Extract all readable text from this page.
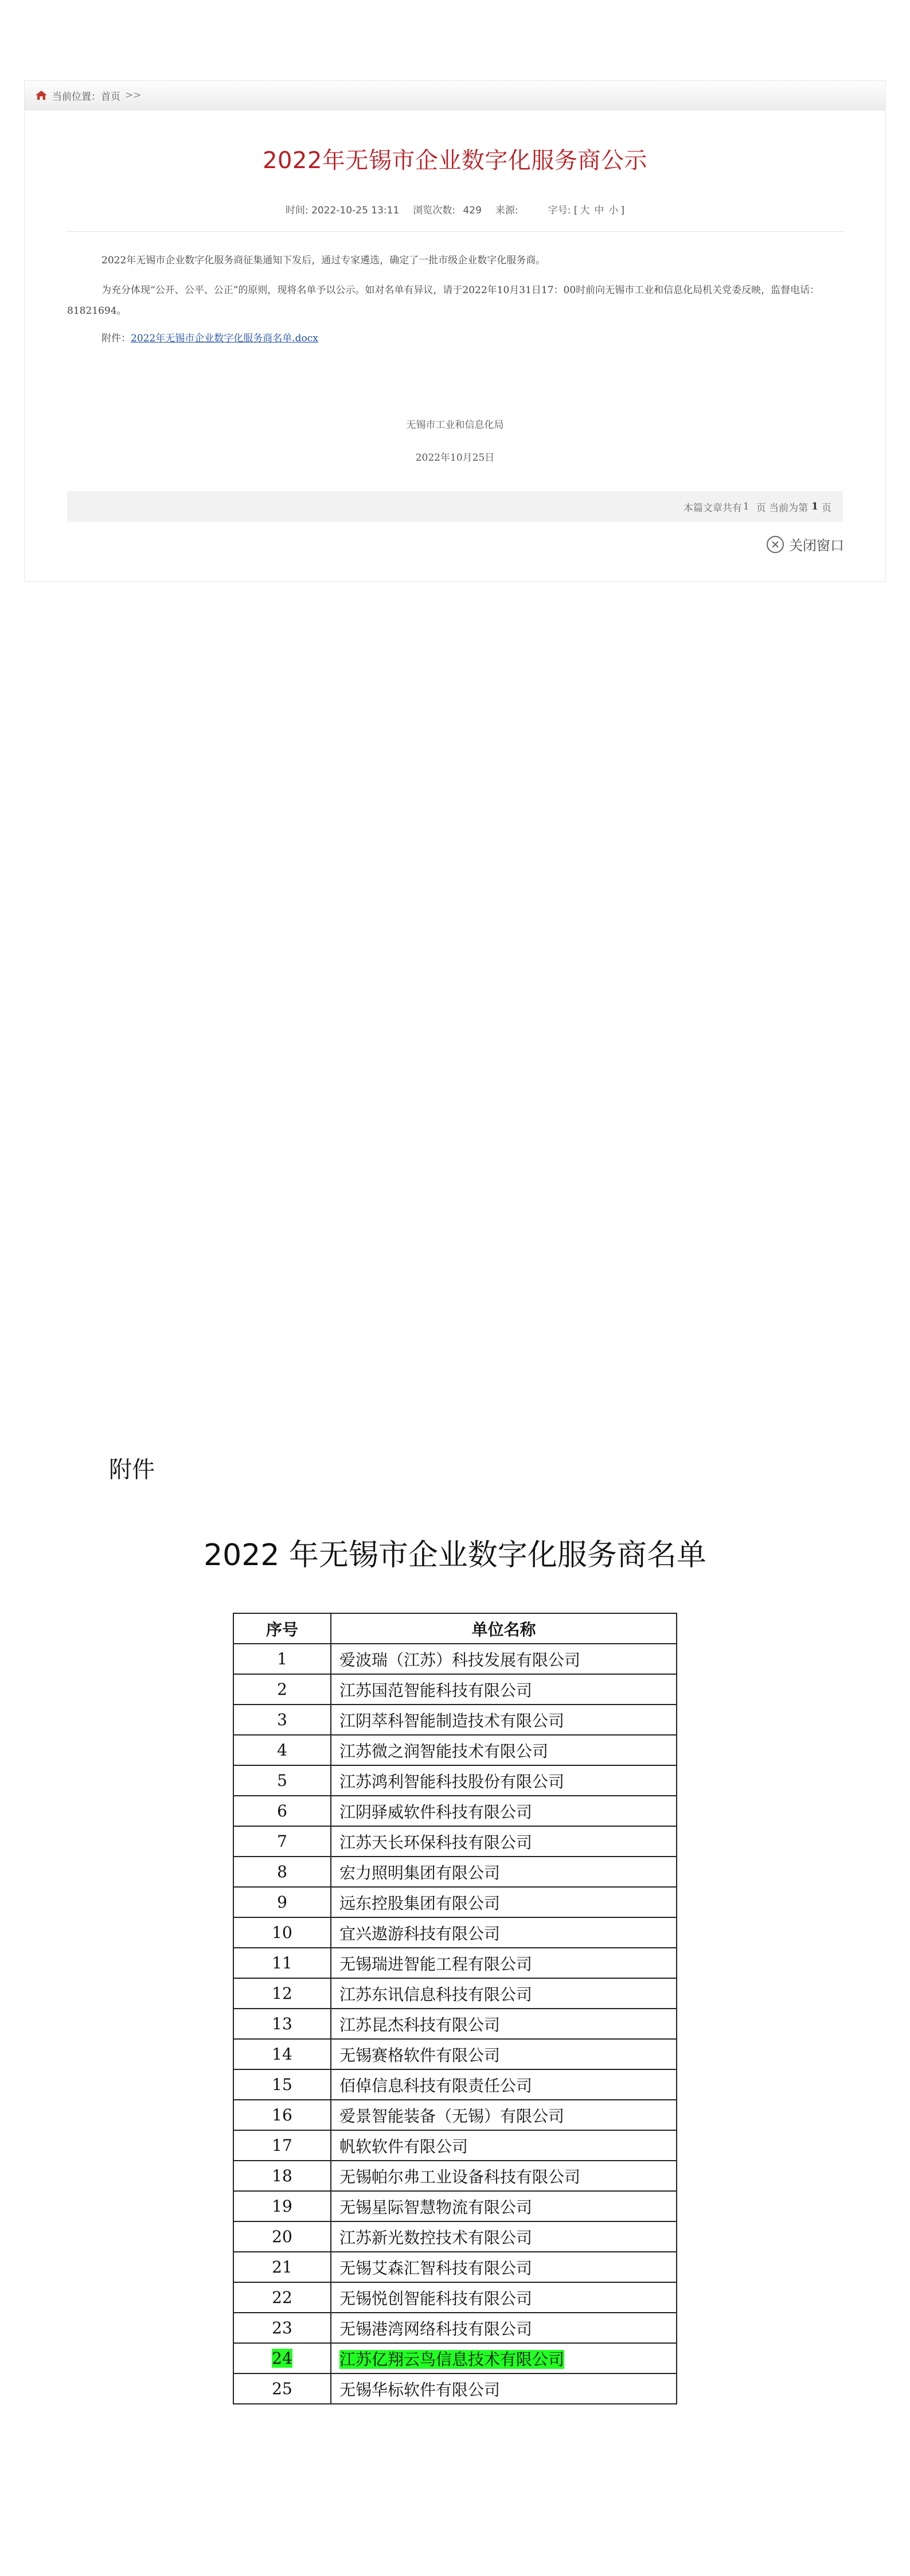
当前位置： 首页 >>
2022年无锡市企业数字化服务商公示
时间: 2022-10-25 13:11 浏览次数: 429 来源:	字号: [ 大 中 小 ]
2022年无锡市企业数字化服务商征集通知下发后，通过专家遴选，确定了一批市级企业数字化服务商。
为充分体现“公开、公平、公正”的原则，现将名单予以公示。如对名单有异议，请于2022年10月31日17：00时前向无锡市工业和信息化局机关党委反映，监督电话：81821694。
附件：2022年无锡市企业数字化服务商名单.docx
无锡市工业和信息化局
2022年10月25日
本篇文章共有 1 页 当前为第 1 页
关闭窗口
附件
2022 年无锡市企业数字化服务商名单
序号	单位名称
1	爱波瑞（江苏）科技发展有限公司
2	江苏国范智能科技有限公司
3	江阴萃科智能制造技术有限公司
4	江苏微之润智能技术有限公司
5	江苏鸿利智能科技股份有限公司
6	江阴驿威软件科技有限公司
7	江苏天长环保科技有限公司
8	宏力照明集团有限公司
9	远东控股集团有限公司
10	宜兴遨游科技有限公司
11	无锡瑞进智能工程有限公司
12	江苏东讯信息科技有限公司
13	江苏昆杰科技有限公司
14	无锡赛格软件有限公司
15	佰倬信息科技有限责任公司
16	爱景智能装备（无锡）有限公司
17	帆软软件有限公司
18	无锡帕尔弗工业设备科技有限公司
19	无锡星际智慧物流有限公司
20	江苏新光数控技术有限公司
21	无锡艾森汇智科技有限公司
22	无锡悦创智能科技有限公司
23	无锡港湾网络科技有限公司
24	江苏亿翔云鸟信息技术有限公司
25	无锡华标软件有限公司
